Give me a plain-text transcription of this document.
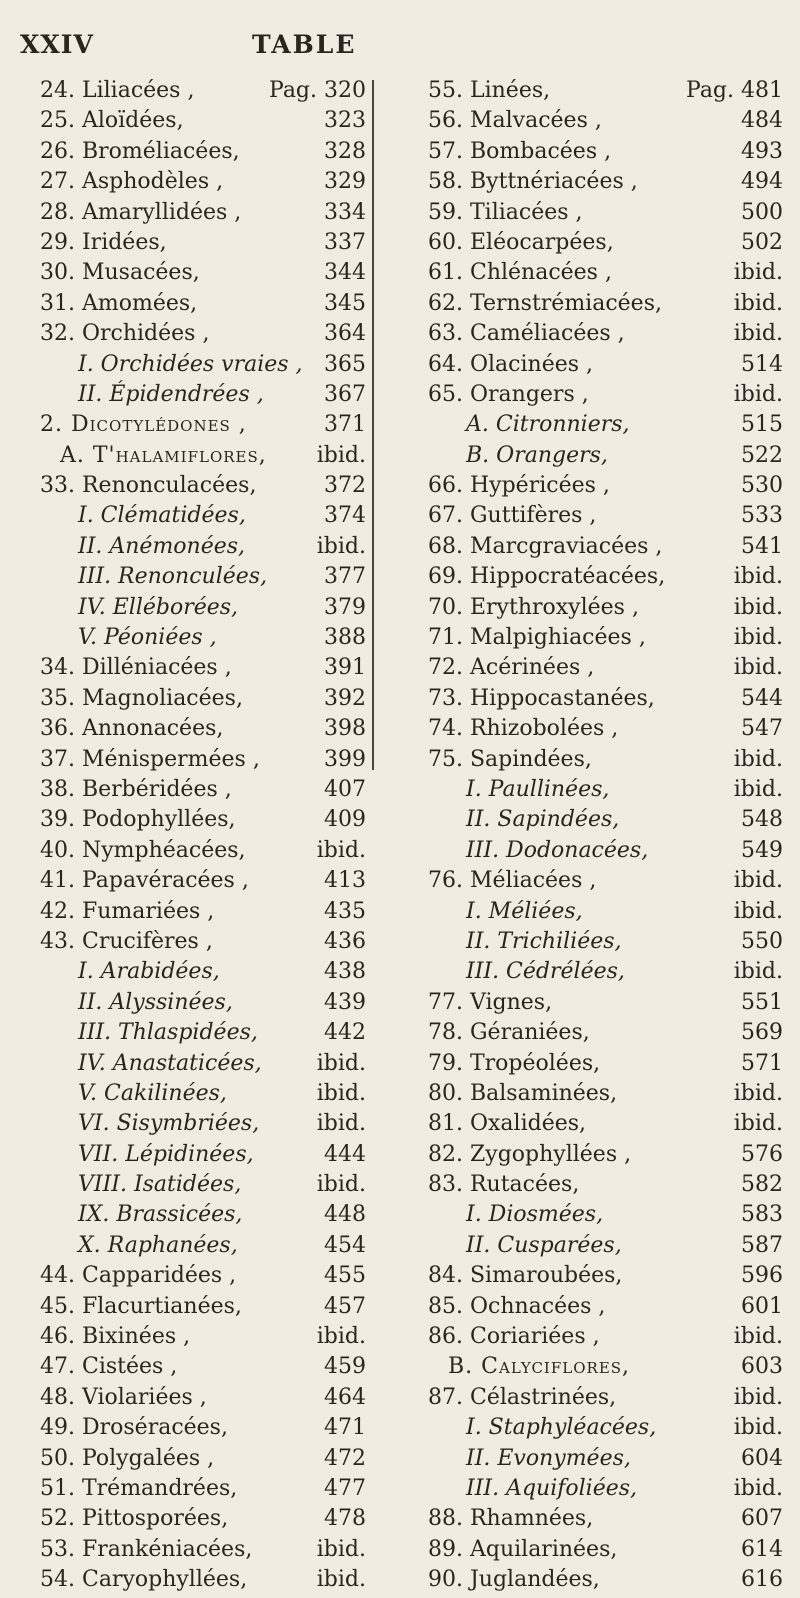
XXIV	TABLE
24. Liliacées ,	Pag. 320
25. Aloïdées,	323
26. Broméliacées,	328
27. Asphodèles ,	329
28. Amaryllidées ,	334
29. Iridées,	337
30. Musacées,	344
31. Amomées,	345
32. Orchidées ,	364
I. Orchidées vraies , 365
II. Épidendrées ,	367
2. Dicotylédones ,	371
A. T'halamiflores, ibid.
33. Renonculacées,	372
I. Clématidées,	374
II. Anémonées,	ibid.
III. Renonculées,	377
IV. Elléborées,	379
V. Péoniées ,	388
34. Dilléniacées ,	391
35. Magnoliacées,	392
36. Annonacées,	398
37. Ménispermées ,	399
38. Berbéridées ,	407
39. Podophyllées,	409
40. Nymphéacées,	ibid.
41. Papavéracées ,	413
42. Fumariées ,	435
43. Crucifères ,	436
I. Arabidées,	438
II. Alyssinées,	439
III. Thlaspidées,	442
IV. Anastaticées,	ibid.
V. Cakilinées,	ibid.
VI. Sisymbriées,	ibid.
VII. Lépidinées,	444
VIII. Isatidées,	ibid.
IX. Brassicées,	448
X. Raphanées,	454
44. Capparidées ,	455
45. Flacurtianées,	457
46. Bixinées ,	ibid.
47. Cistées ,	459
48. Violariées ,	464
49. Droséracées,	471
50. Polygalées ,	472
51. Trémandrées,	477
52. Pittosporées,	478
53. Frankéniacées,	ibid.
54. Caryophyllées,	ibid.
55. Linées,	Pag. 481
56. Malvacées ,	484
57. Bombacées ,	493
58. Byttnériacées ,	494
59. Tiliacées ,	500
60. Eléocarpées,	502
61. Chlénacées ,	ibid.
62. Ternstrémiacées,	ibid.
63. Caméliacées ,	ibid.
64. Olacinées ,	514
65. Orangers ,	ibid.
A. Citronniers,	515
B. Orangers,	522
66. Hypéricées ,	530
67. Guttifères ,	533
68. Marcgraviacées ,	541
69. Hippocratéacées,	ibid.
70. Erythroxylées ,	ibid.
71. Malpighiacées ,	ibid.
72. Acérinées ,	ibid.
73. Hippocastanées,	544
74. Rhizobolées ,	547
75. Sapindées,	ibid.
I. Paullinées,	ibid.
II. Sapindées,	548
III. Dodonacées,	549
76. Méliacées ,	ibid.
I. Méliées,	ibid.
II. Trichiliées,	550
III. Cédrélées,	ibid.
77. Vignes,	551
78. Géraniées,	569
79. Tropéolées,	571
80. Balsaminées,	ibid.
81. Oxalidées,	ibid.
82. Zygophyllées ,	576
83. Rutacées,	582
I. Diosmées,	583
II. Cusparées,	587
84. Simaroubées,	596
85. Ochnacées ,	601
86. Coriariées ,	ibid.
B. Calyciflores,	603
87. Célastrinées,	ibid.
I. Staphyléacées,	ibid.
II. Evonymées,	604
III. Aquifoliées,	ibid.
88. Rhamnées,	607
89. Aquilarinées,	614
90. Juglandées,	616
